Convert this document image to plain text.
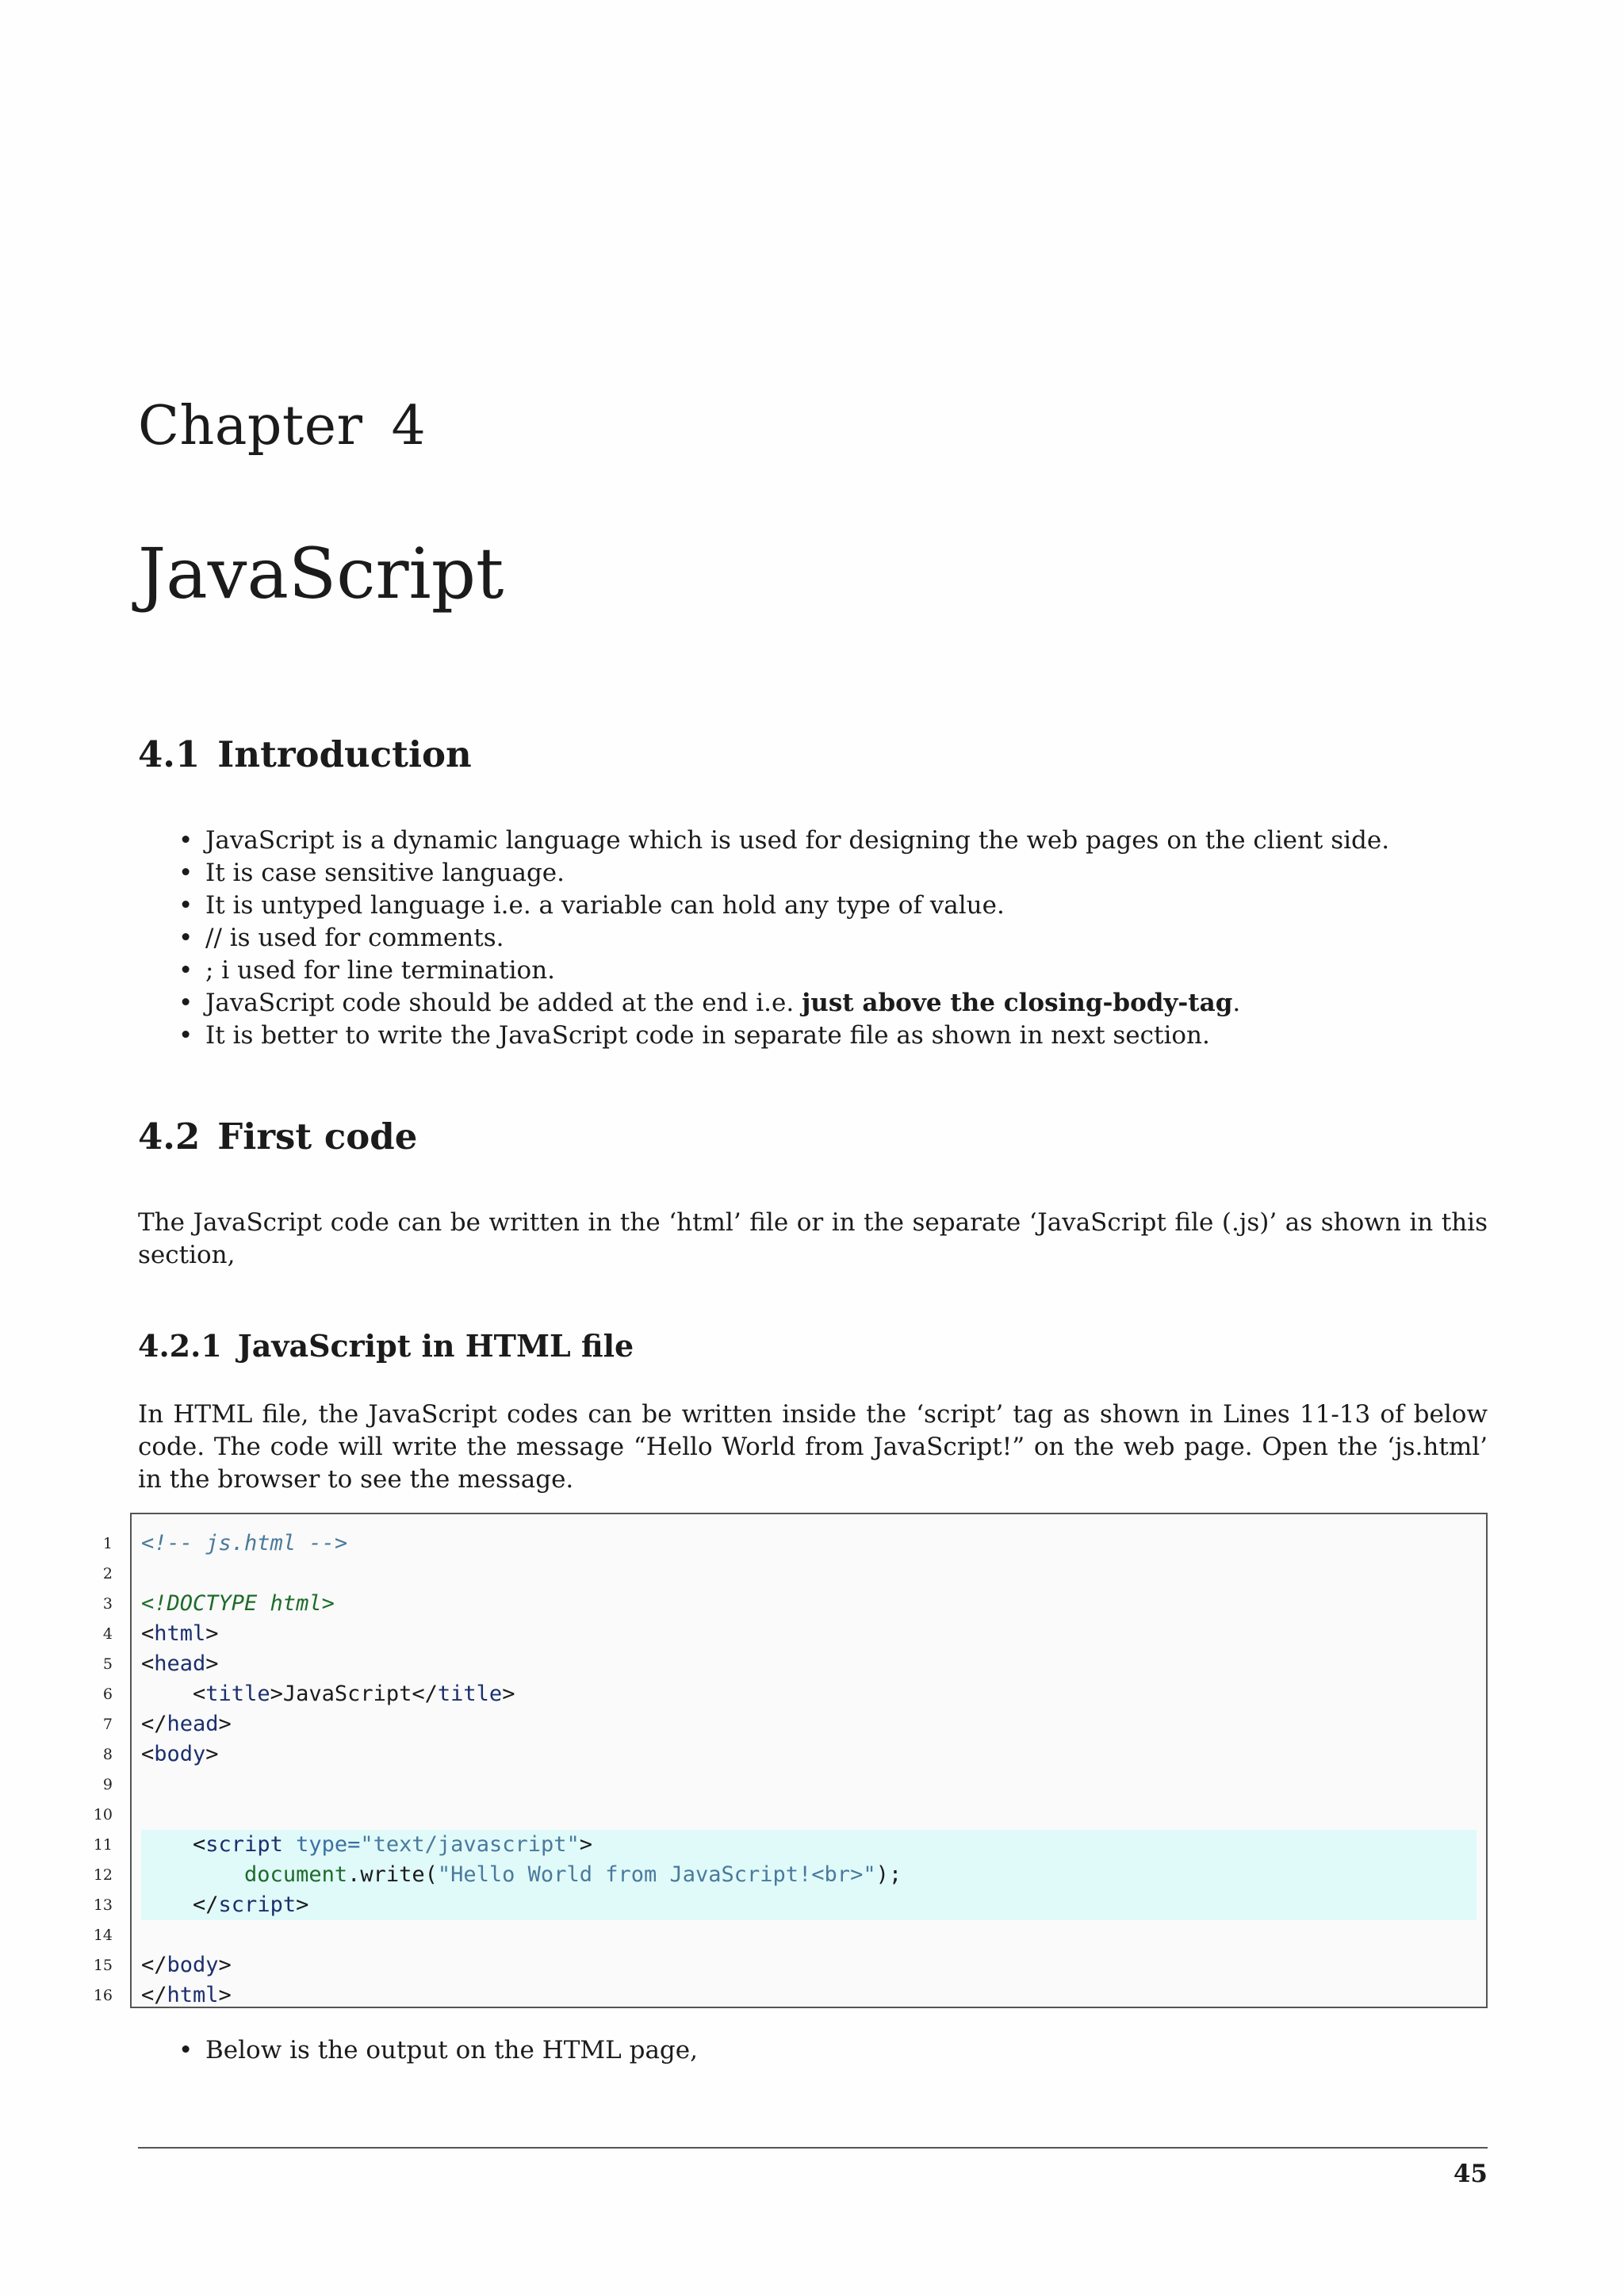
Chapter 4
JavaScript
4.1 Introduction
• JavaScript is a dynamic language which is used for designing the web pages on the client side.
• It is case sensitive language.
• It is untyped language i.e. a variable can hold any type of value.
• // is used for comments.
• ; i used for line termination.
• JavaScript code should be added at the end i.e. just above the closing-body-tag.
• It is better to write the JavaScript code in separate file as shown in next section.
4.2 First code

The JavaScript code can be written in the ‘html’ file or in the separate ‘JavaScript file (.js)’ as shown in this section,

4.2.1 JavaScript in HTML file

In HTML file, the JavaScript codes can be written inside the ‘script’ tag as shown in Lines 11-13 of below code. The code will write the message “Hello World from JavaScript!” on the web page. Open the ‘js.html’ in the browser to see the message.

1 <!-- js.html -->
2
3 <!DOCTYPE html>
4 <html>
5 <head>
6	<title>JavaScript</title>
7 </head>
8 <body>
9
10
11	<script type="text/javascript">
12	document.write("Hello World from JavaScript!<br>");
13	</script>
14
15 </body>
16 </html>
• Below is the output on the HTML page,
45
